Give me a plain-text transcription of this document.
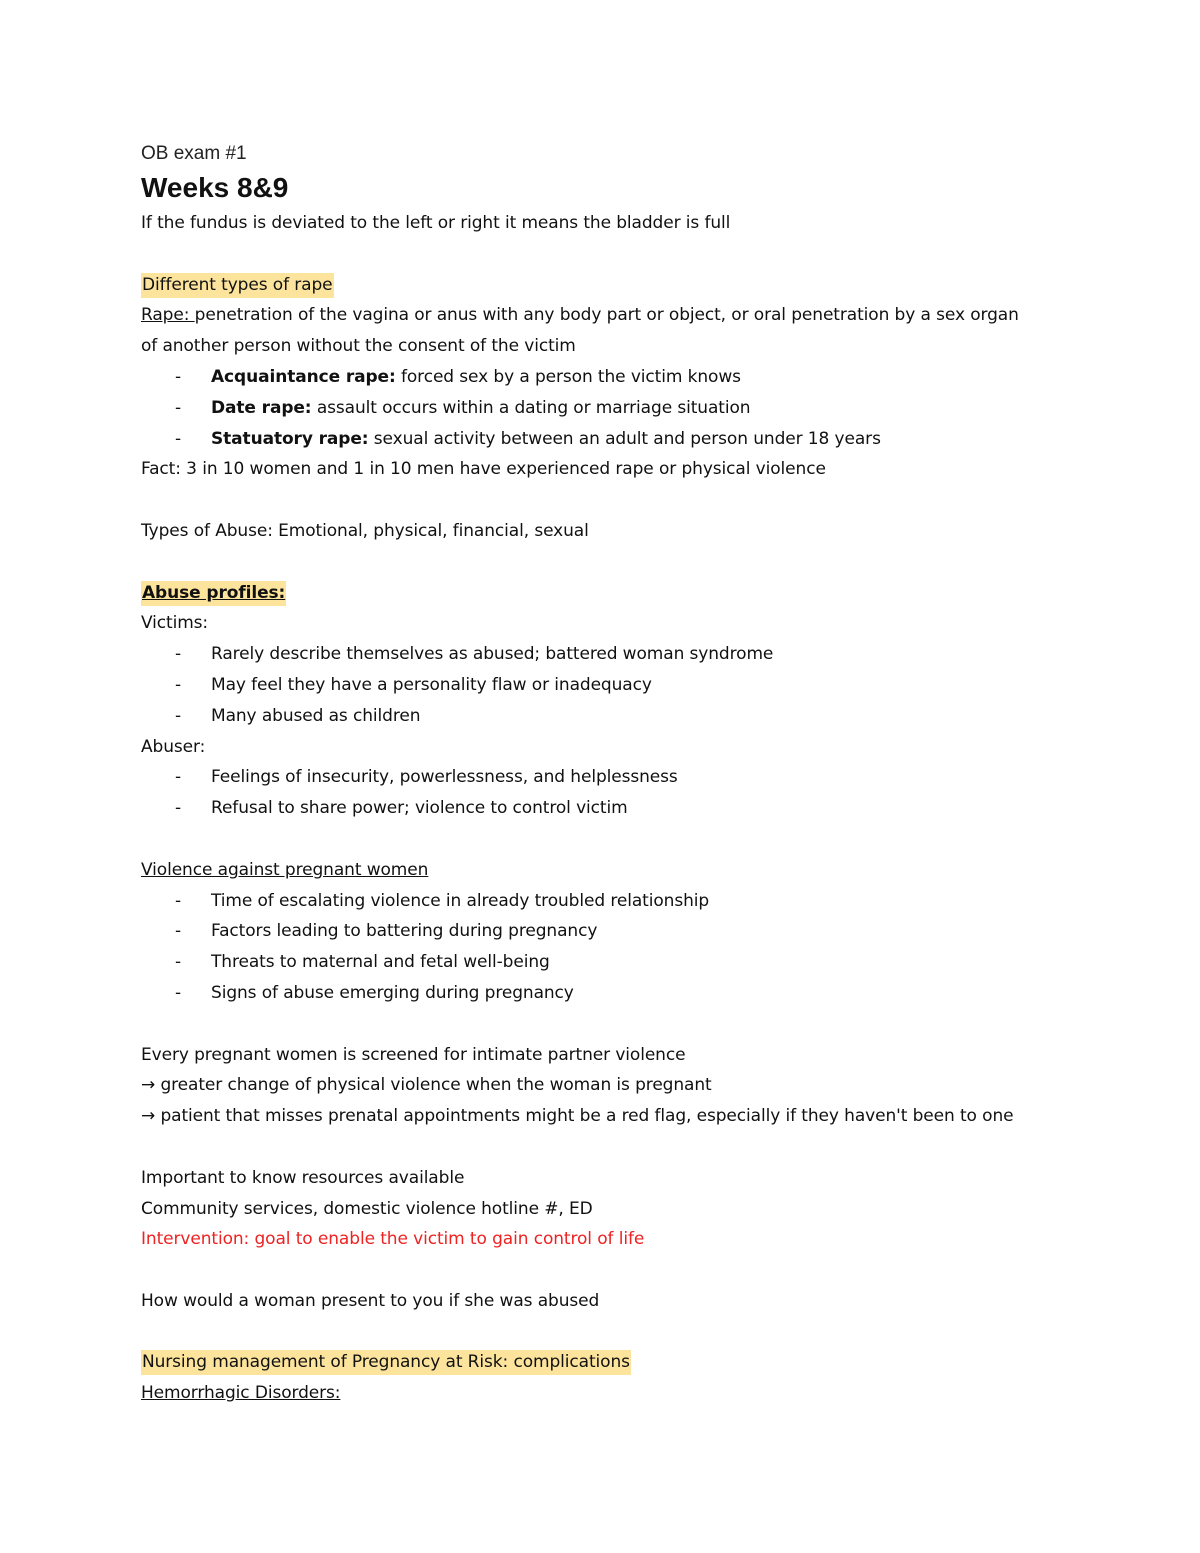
OB exam #1
Weeks 8&9
If the fundus is deviated to the left or right it means the bladder is full
Different types of rape
Rape: penetration of the vagina or anus with any body part or object, or oral penetration by a sex organ
of another person without the consent of the victim
- Acquaintance rape: forced sex by a person the victim knows
- Date rape: assault occurs within a dating or marriage situation
- Statuatory rape: sexual activity between an adult and person under 18 years
Fact: 3 in 10 women and 1 in 10 men have experienced rape or physical violence
Types of Abuse: Emotional, physical, financial, sexual
Abuse profiles:
Victims:
- Rarely describe themselves as abused; battered woman syndrome
- May feel they have a personality flaw or inadequacy
- Many abused as children
Abuser:
- Feelings of insecurity, powerlessness, and helplessness
- Refusal to share power; violence to control victim
Violence against pregnant women
- Time of escalating violence in already troubled relationship
- Factors leading to battering during pregnancy
- Threats to maternal and fetal well-being
- Signs of abuse emerging during pregnancy
Every pregnant women is screened for intimate partner violence
→ greater change of physical violence when the woman is pregnant
→ patient that misses prenatal appointments might be a red flag, especially if they haven't been to one
Important to know resources available
Community services, domestic violence hotline #, ED
Intervention: goal to enable the victim to gain control of life
How would a woman present to you if she was abused
Nursing management of Pregnancy at Risk: complications
Hemorrhagic Disorders:
